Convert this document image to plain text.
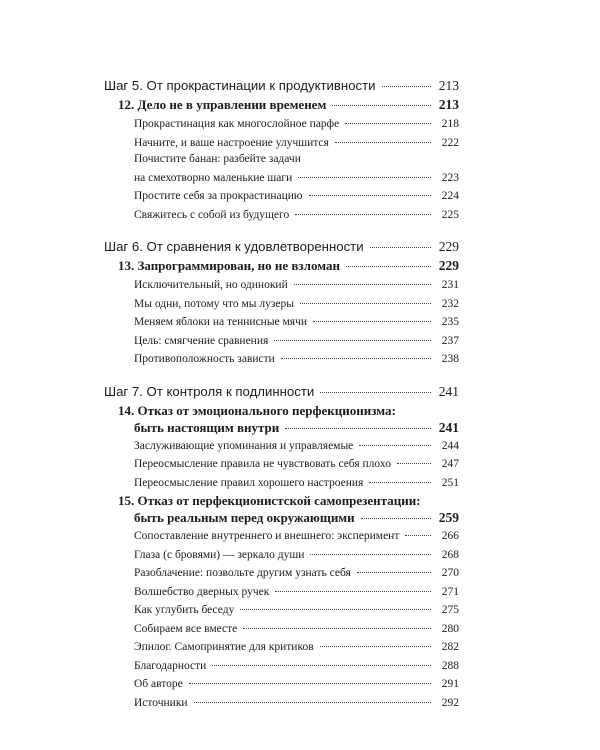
Шаг 5. От прокрастинации к продуктивности	213
12. Дело не в управлении временем	213
Прокрастинация как многослойное парфе	218
Начните, и ваше настроение улучшится	222
Почистите банан: разбейте задачи
на смехотворно маленькие шаги	223
Простите себя за прокрастинацию	224
Свяжитесь с собой из будущего	225
Шаг 6. От сравнения к удовлетворенности	229
13. Запрограммирован, но не взломан	229
Исключительный, но одинокий	231
Мы одни, потому что мы лузеры	232
Меняем яблоки на теннисные мячи	235
Цель: смягчение сравнения	237
Противоположность зависти	238
Шаг 7. От контроля к подлинности	241
14. Отказ от эмоционального перфекционизма:
быть настоящим внутри	241
Заслуживающие упоминания и управляемые	244
Переосмысление правила не чувствовать себя плохо	247
Переосмысление правил хорошего настроения	251
15. Отказ от перфекционистской самопрезентации:
быть реальным перед окружающими	259
Сопоставление внутреннего и внешнего: эксперимент	266
Глаза (с бровями) — зеркало души	268
Разоблачение: позвольте другим узнать себя	270
Волшебство дверных ручек	271
Как углубить беседу	275
Собираем все вместе	280
Эпилог. Самопринятие для критиков	282
Благодарности	288
Об авторе	291
Источники	292
